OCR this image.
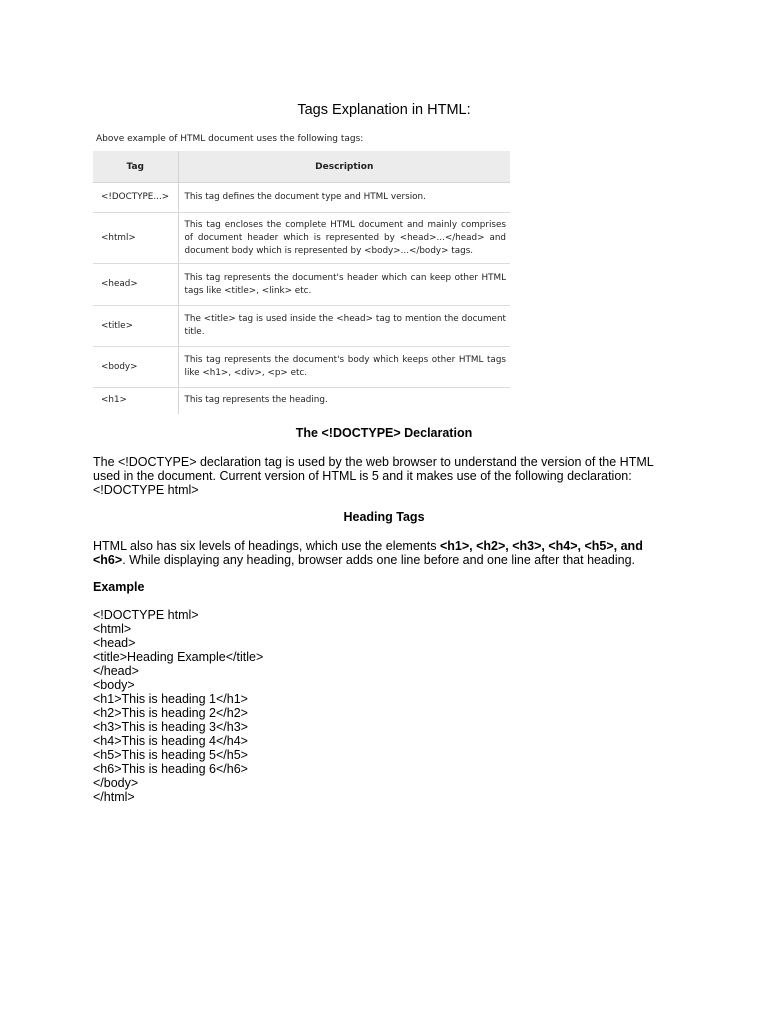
Tags Explanation in HTML:
Above example of HTML document uses the following tags:
Tag	Description
<!DOCTYPE...>	This tag defines the document type and HTML version.
<html>	This tag encloses the complete HTML document and mainly comprises of document header which is represented by <head>...</head> and document body which is represented by <body>...</body> tags.
<head>	This tag represents the document's header which can keep other HTML tags like <title>, <link> etc.
<title>	The <title> tag is used inside the <head> tag to mention the document title.
<body>	This tag represents the document's body which keeps other HTML tags like <h1>, <div>, <p> etc.
<h1>	This tag represents the heading.
The <!DOCTYPE> Declaration
The <!DOCTYPE> declaration tag is used by the web browser to understand the version of the HTML
used in the document. Current version of HTML is 5 and it makes use of the following declaration:
<!DOCTYPE html>
Heading Tags

HTML also has six levels of headings, which use the elements <h1>, <h2>, <h3>, <h4>, <h5>, and
<h6>. While displaying any heading, browser adds one line before and one line after that heading.

Example

<!DOCTYPE html>
<html>
<head>
<title>Heading Example</title>
</head>
<body>
<h1>This is heading 1</h1>
<h2>This is heading 2</h2>
<h3>This is heading 3</h3>
<h4>This is heading 4</h4>
<h5>This is heading 5</h5>
<h6>This is heading 6</h6>
</body>
</html>
